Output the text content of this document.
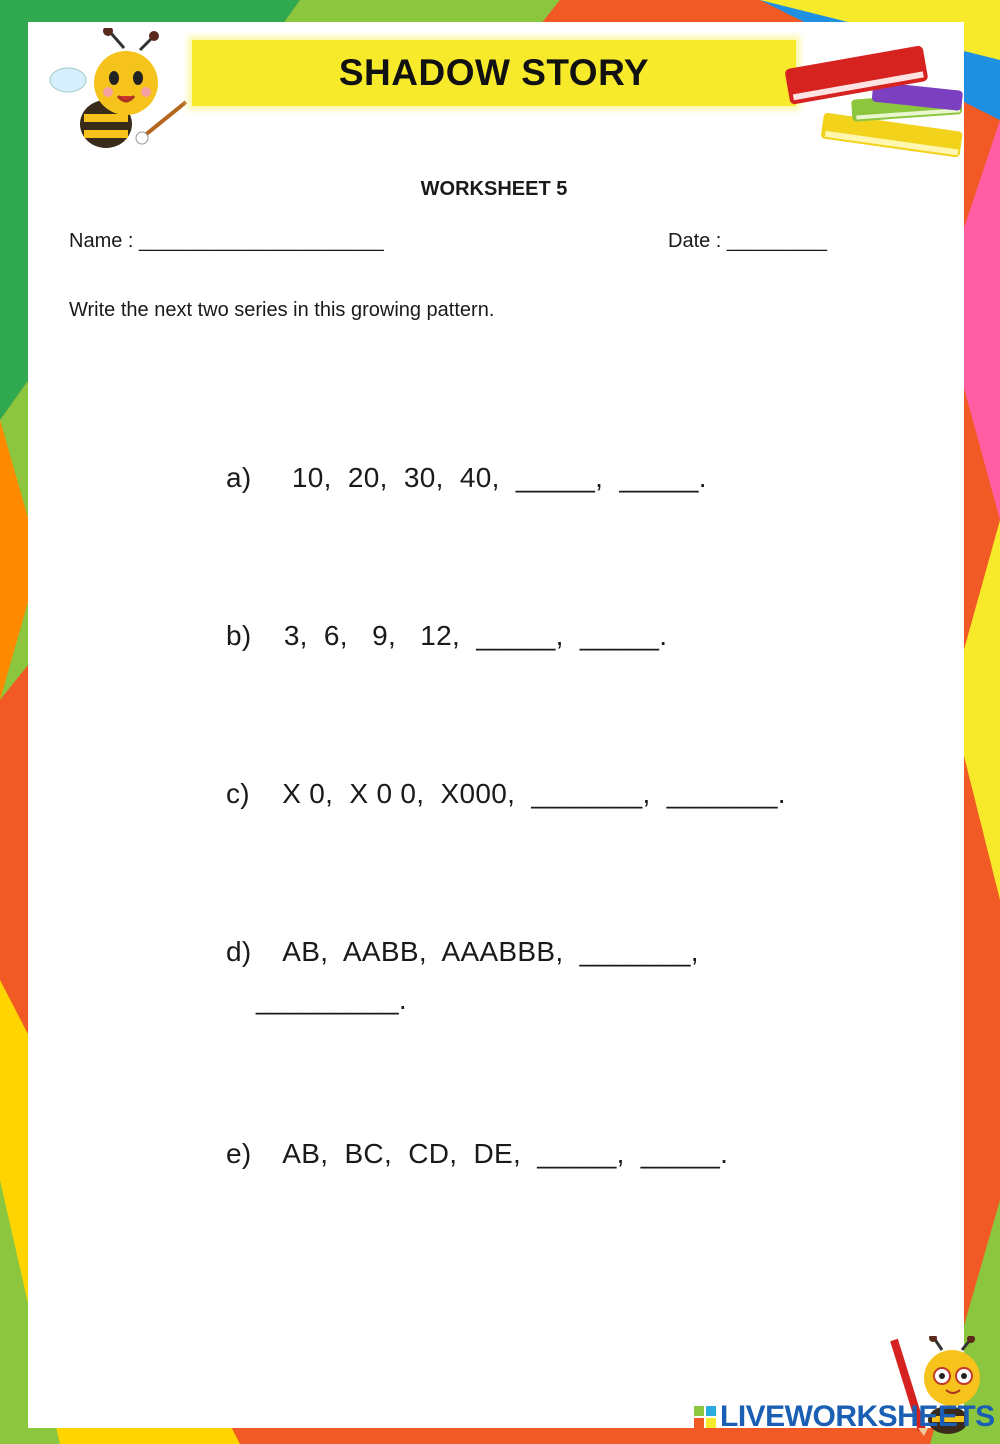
SHADOW STORY
WORKSHEET 5
Name : ______________________	Date : _________
Write the next two series in this growing pattern.
a)     10,  20,  30,  40,  _____,  _____.
b)    3,  6,   9,   12,  _____,  _____.
c)    X 0,  X 0 0,  X000,  _______,  _______.
d)    AB,  AABB,  AAABBB,  _______,
_________.
e)    AB,  BC,  CD,  DE,  _____,  _____.
LIVEWORKSHEETS
